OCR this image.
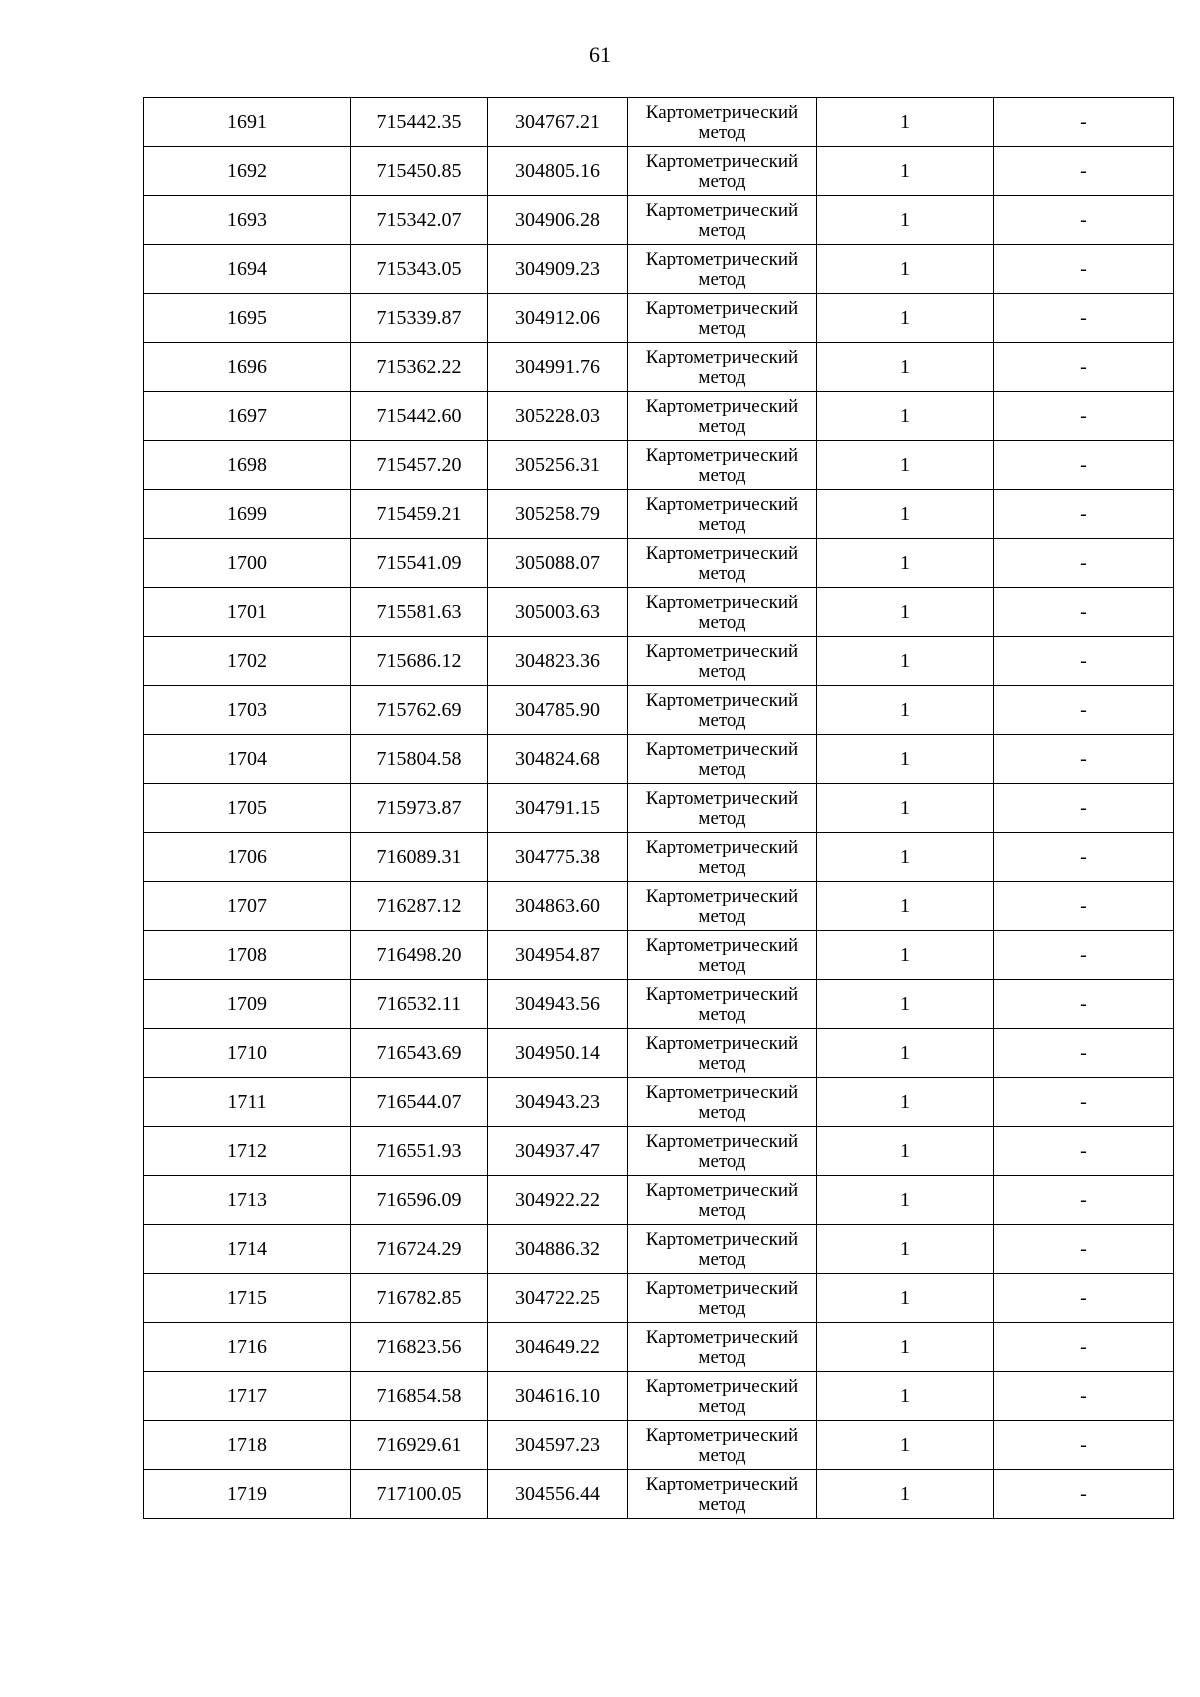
61
1691	715442.35	304767.21	Картометрический метод	1	-
1692	715450.85	304805.16	Картометрический метод	1	-
1693	715342.07	304906.28	Картометрический метод	1	-
1694	715343.05	304909.23	Картометрический метод	1	-
1695	715339.87	304912.06	Картометрический метод	1	-
1696	715362.22	304991.76	Картометрический метод	1	-
1697	715442.60	305228.03	Картометрический метод	1	-
1698	715457.20	305256.31	Картометрический метод	1	-
1699	715459.21	305258.79	Картометрический метод	1	-
1700	715541.09	305088.07	Картометрический метод	1	-
1701	715581.63	305003.63	Картометрический метод	1	-
1702	715686.12	304823.36	Картометрический метод	1	-
1703	715762.69	304785.90	Картометрический метод	1	-
1704	715804.58	304824.68	Картометрический метод	1	-
1705	715973.87	304791.15	Картометрический метод	1	-
1706	716089.31	304775.38	Картометрический метод	1	-
1707	716287.12	304863.60	Картометрический метод	1	-
1708	716498.20	304954.87	Картометрический метод	1	-
1709	716532.11	304943.56	Картометрический метод	1	-
1710	716543.69	304950.14	Картометрический метод	1	-
1711	716544.07	304943.23	Картометрический метод	1	-
1712	716551.93	304937.47	Картометрический метод	1	-
1713	716596.09	304922.22	Картометрический метод	1	-
1714	716724.29	304886.32	Картометрический метод	1	-
1715	716782.85	304722.25	Картометрический метод	1	-
1716	716823.56	304649.22	Картометрический метод	1	-
1717	716854.58	304616.10	Картометрический метод	1	-
1718	716929.61	304597.23	Картометрический метод	1	-
1719	717100.05	304556.44	Картометрический метод	1	-
